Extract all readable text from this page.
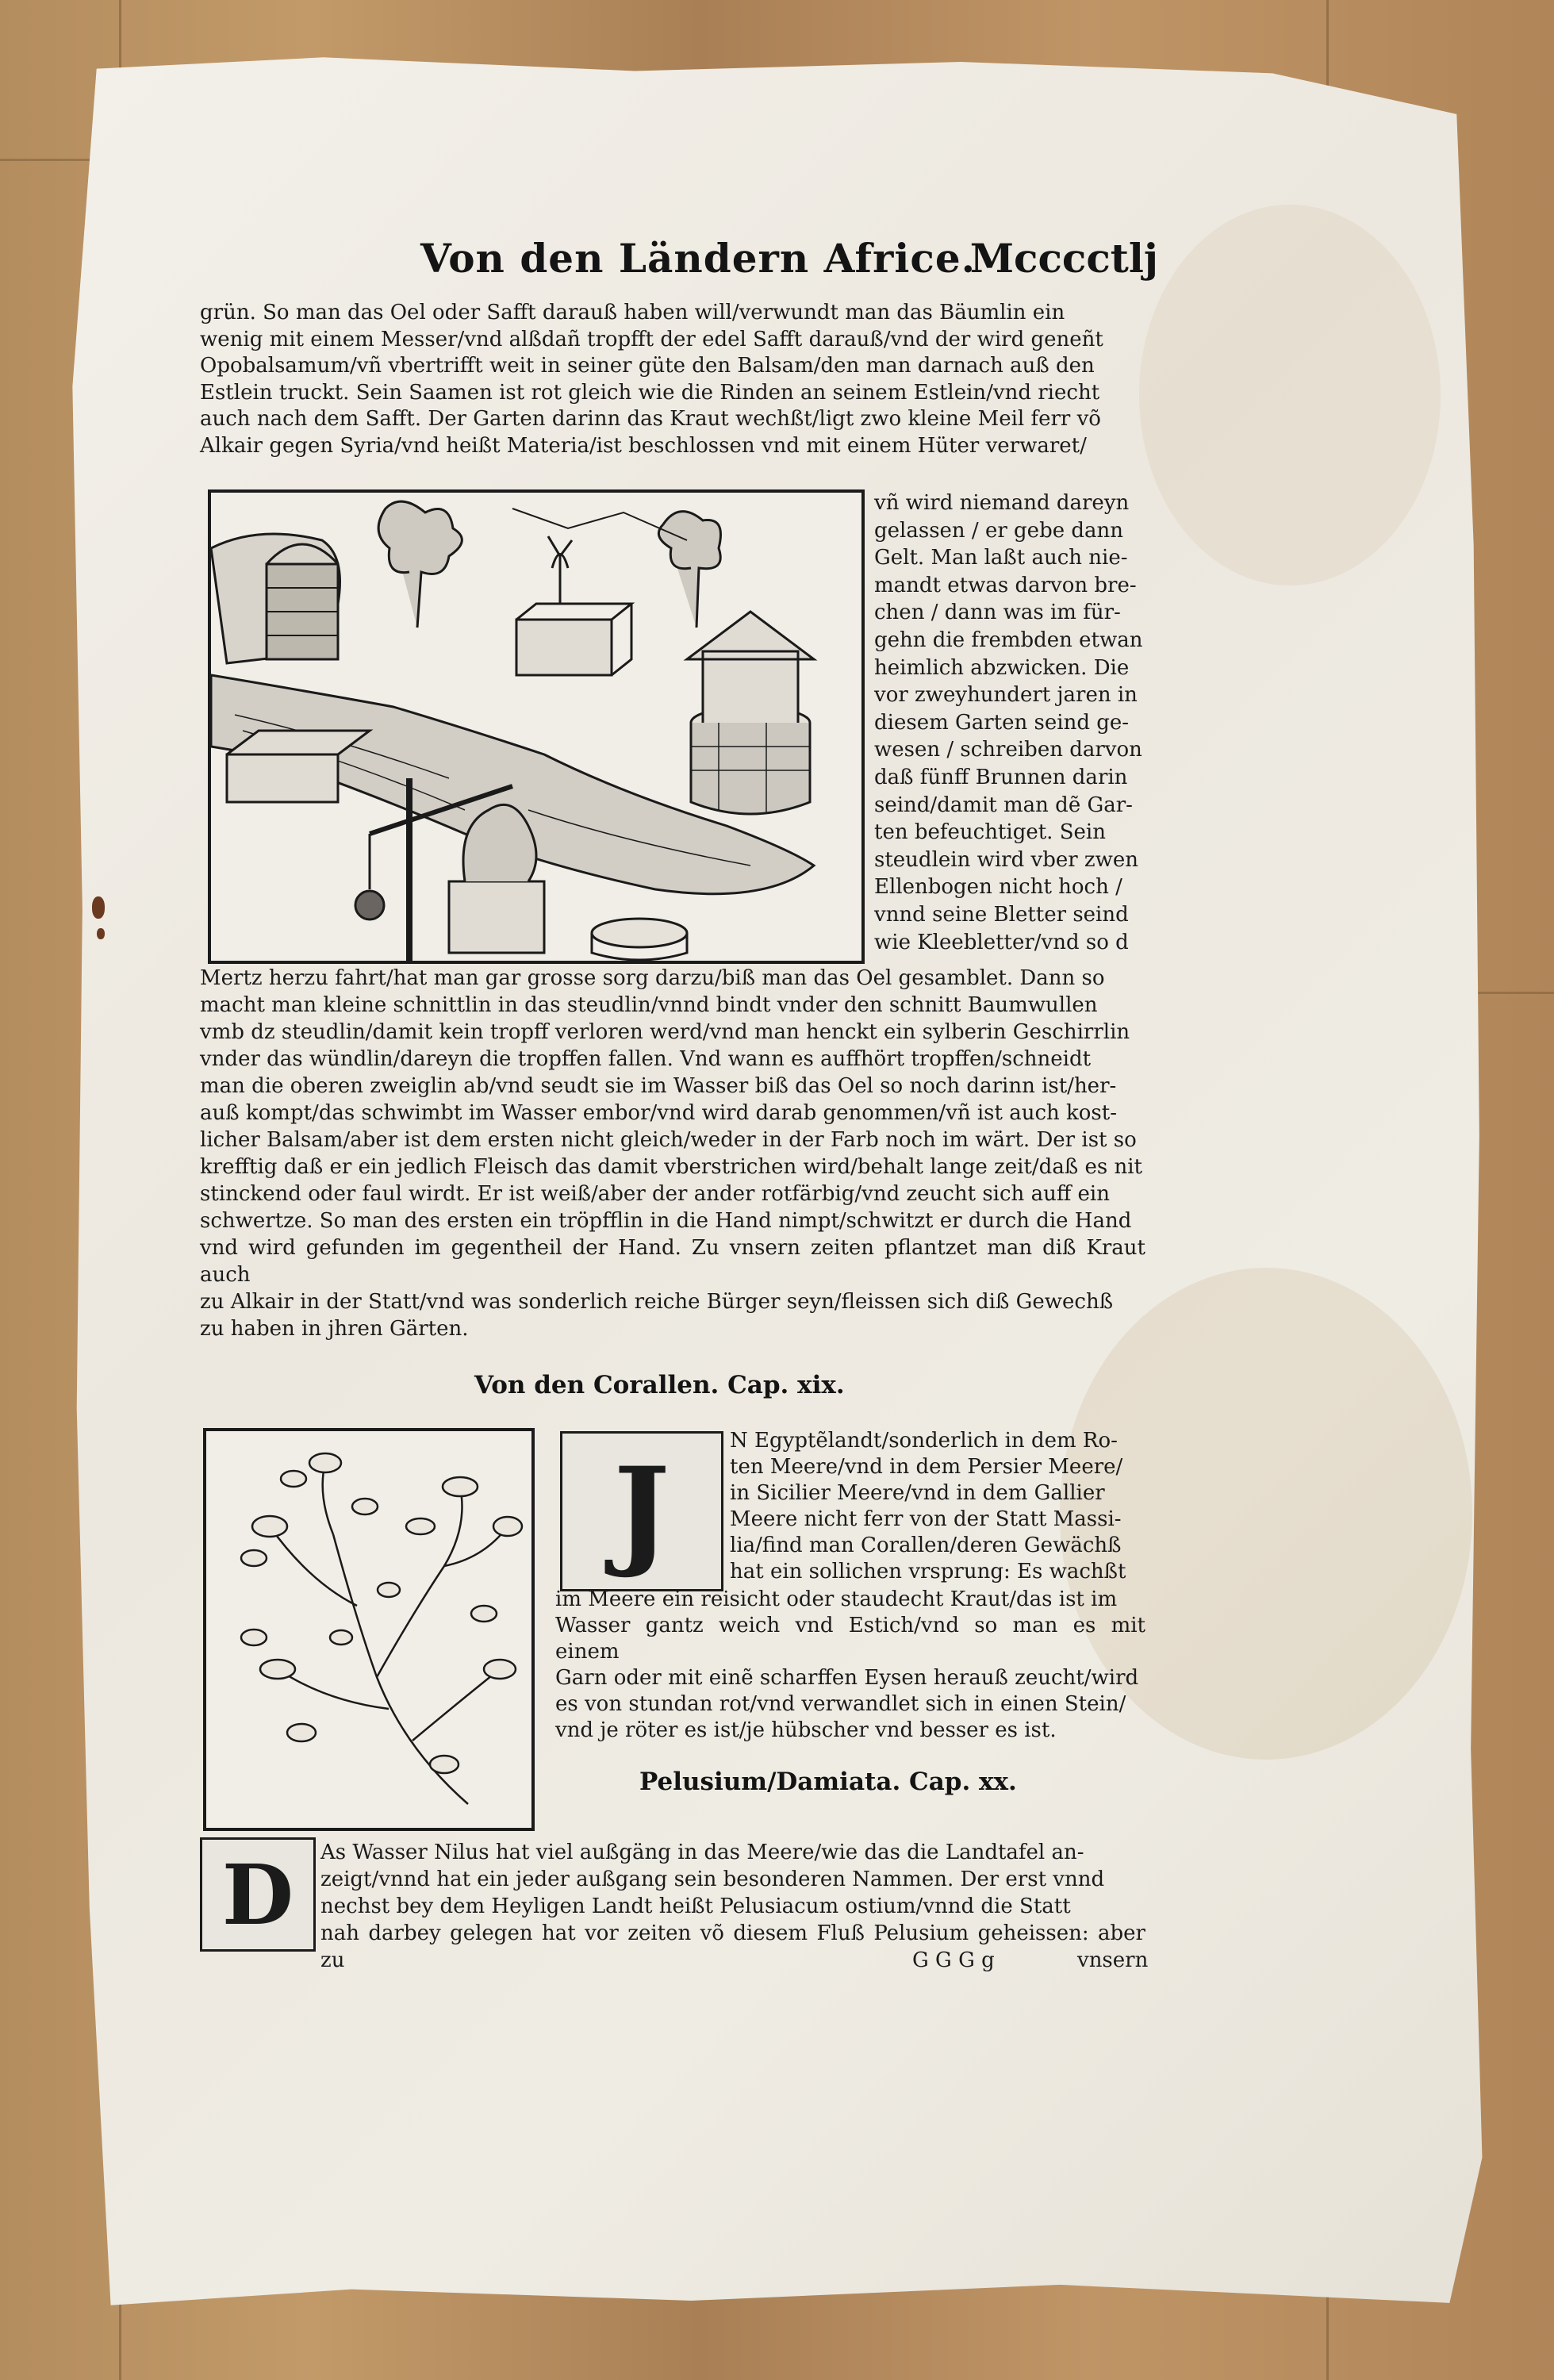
Von den Ländern Africe.
Mcccctlj

grün. So man das Oel oder Safft darauß haben will/verwundt man das Bäumlin ein

wenig mit einem Messer/vnd alßdañ tropfft der edel Safft darauß/vnd der wird geneñt

Opobalsamum/vñ vbertrifft weit in seiner güte den Balsam/den man darnach auß den

Estlein truckt. Sein Saamen ist rot gleich wie die Rinden an seinem Estlein/vnd riecht

auch nach dem Safft. Der Garten darinn das Kraut wechßt/ligt zwo kleine Meil ferr võ

Alkair gegen Syria/vnd heißt Materia/ist beschlossen vnd mit einem Hüter verwaret/

vñ wird niemand dareyn

gelassen / er gebe dann

Gelt. Man laßt auch nie-

mandt etwas darvon bre-

chen / dann was im für-

gehn die frembden etwan

heimlich abzwicken. Die

vor zweyhundert jaren in

diesem Garten seind ge-

wesen / schreiben darvon

daß fünff Brunnen darin

seind/damit man dẽ Gar-

ten befeuchtiget. Sein

steudlein wird vber zwen

Ellenbogen nicht hoch /

vnnd seine Bletter seind

wie Kleebletter/vnd so d

Mertz herzu fahrt/hat man gar grosse sorg darzu/biß man das Oel gesamblet. Dann so

macht man kleine schnittlin in das steudlin/vnnd bindt vnder den schnitt Baumwullen

vmb dz steudlin/damit kein tropff verloren werd/vnd man henckt ein sylberin Geschirrlin

vnder das wündlin/dareyn die tropffen fallen. Vnd wann es auffhört tropffen/schneidt

man die oberen zweiglin ab/vnd seudt sie im Wasser biß das Oel so noch darinn ist/her-

auß kompt/das schwimbt im Wasser embor/vnd wird darab genommen/vñ ist auch kost-

licher Balsam/aber ist dem ersten nicht gleich/weder in der Farb noch im wärt. Der ist so

krefftig daß er ein jedlich Fleisch das damit vberstrichen wird/behalt lange zeit/daß es nit

stinckend oder faul wirdt. Er ist weiß/aber der ander rotfärbig/vnd zeucht sich auff ein

schwertze. So man des ersten ein tröpfflin in die Hand nimpt/schwitzt er durch die Hand

vnd wird gefunden im gegentheil der Hand. Zu vnsern zeiten pflantzet man diß Kraut auch

zu Alkair in der Statt/vnd was sonderlich reiche Bürger seyn/fleissen sich diß Gewechß

zu haben in jhren Gärten.

Von den Corallen. Cap. xix.
J

N Egyptẽlandt/sonderlich in dem Ro-

ten Meere/vnd in dem Persier Meere/

in Sicilier Meere/vnd in dem Gallier

Meere nicht ferr von der Statt Massi-

lia/find man Corallen/deren Gewächß

hat ein sollichen vrsprung: Es wachßt

im Meere ein reisicht oder staudecht Kraut/das ist im

Wasser gantz weich vnd Estich/vnd so man es mit einem

Garn oder mit einẽ scharffen Eysen herauß zeucht/wird

es von stundan rot/vnd verwandlet sich in einen Stein/

vnd je röter es ist/je hübscher vnd besser es ist.

Pelusium/Damiata. Cap. xx.
D	As Wasser Nilus hat viel außgäng in das Meere/wie das die Landtafel an-

zeigt/vnnd hat ein jeder außgang sein besonderen Nammen. Der erst vnnd

nechst bey dem Heyligen Landt heißt Pelusiacum ostium/vnnd die Statt

nah darbey gelegen hat vor zeiten võ diesem Fluß Pelusium geheissen: aber zu	G G G g	vnsern
